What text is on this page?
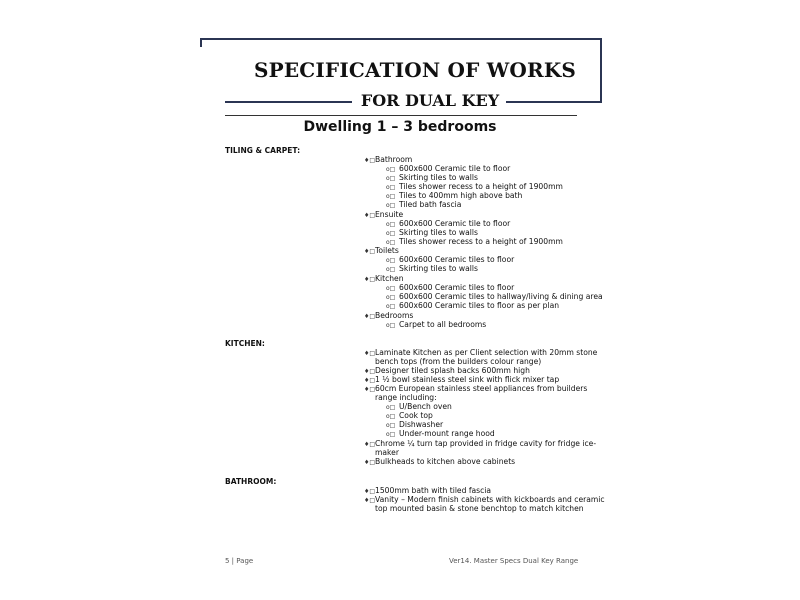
SPECIFICATION OF WORKS
FOR DUAL KEY
Dwelling 1 – 3 bedrooms
TILING & CARPET:
♦□Bathroom
o□ 600x600 Ceramic tile to floor
o□ Skirting tiles to walls
o□ Tiles shower recess to a height of 1900mm
o□ Tiles to 400mm high above bath
o□ Tiled bath fascia
♦□Ensuite
o□ 600x600 Ceramic tile to floor
o□ Skirting tiles to walls
o□ Tiles shower recess to a height of 1900mm
♦□Toilets
o□ 600x600 Ceramic tiles to floor
o□ Skirting tiles to walls
♦□Kitchen
o□ 600x600 Ceramic tiles to floor
o□ 600x600 Ceramic tiles to hallway/living & dining area
o□ 600x600 Ceramic tiles to floor as per plan
♦□Bedrooms
o□ Carpet to all bedrooms
KITCHEN:
♦□Laminate Kitchen as per Client selection with 20mm stone
bench tops (from the builders colour range)
♦□Designer tiled splash backs 600mm high
♦□1 ½ bowl stainless steel sink with flick mixer tap
♦□60cm European stainless steel appliances from builders
range including:
o□ U/Bench oven
o□ Cook top
o□ Dishwasher
o□ Under-mount range hood
♦□Chrome ¼ turn tap provided in fridge cavity for fridge ice-
maker
♦□Bulkheads to kitchen above cabinets
BATHROOM:
♦□1500mm bath with tiled fascia
♦□Vanity – Modern finish cabinets with kickboards and ceramic
top mounted basin & stone benchtop to match kitchen
5 | Page	Ver14. Master Specs Dual Key Range
